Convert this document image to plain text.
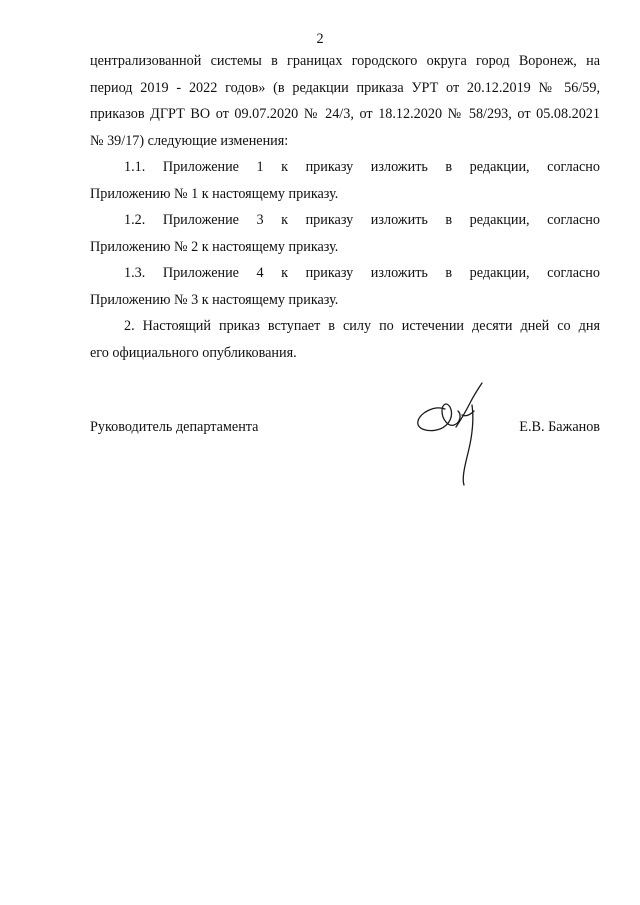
2
централизованной системы в границах городского округа город Воронеж, на
период 2019 - 2022 годов» (в редакции приказа УРТ от 20.12.2019 № 56/59,
приказов ДГРТ ВО от 09.07.2020 № 24/3, от 18.12.2020 № 58/293, от 05.08.2021
№ 39/17) следующие изменения:
1.1. Приложение 1 к приказу изложить в редакции, согласно
Приложению № 1 к настоящему приказу.
1.2. Приложение 3 к приказу изложить в редакции, согласно
Приложению № 2 к настоящему приказу.
1.3. Приложение 4 к приказу изложить в редакции, согласно
Приложению № 3 к настоящему приказу.
2. Настоящий приказ вступает в силу по истечении десяти дней со дня
его официального опубликования.
Руководитель департамента	Е.В. Бажанов
